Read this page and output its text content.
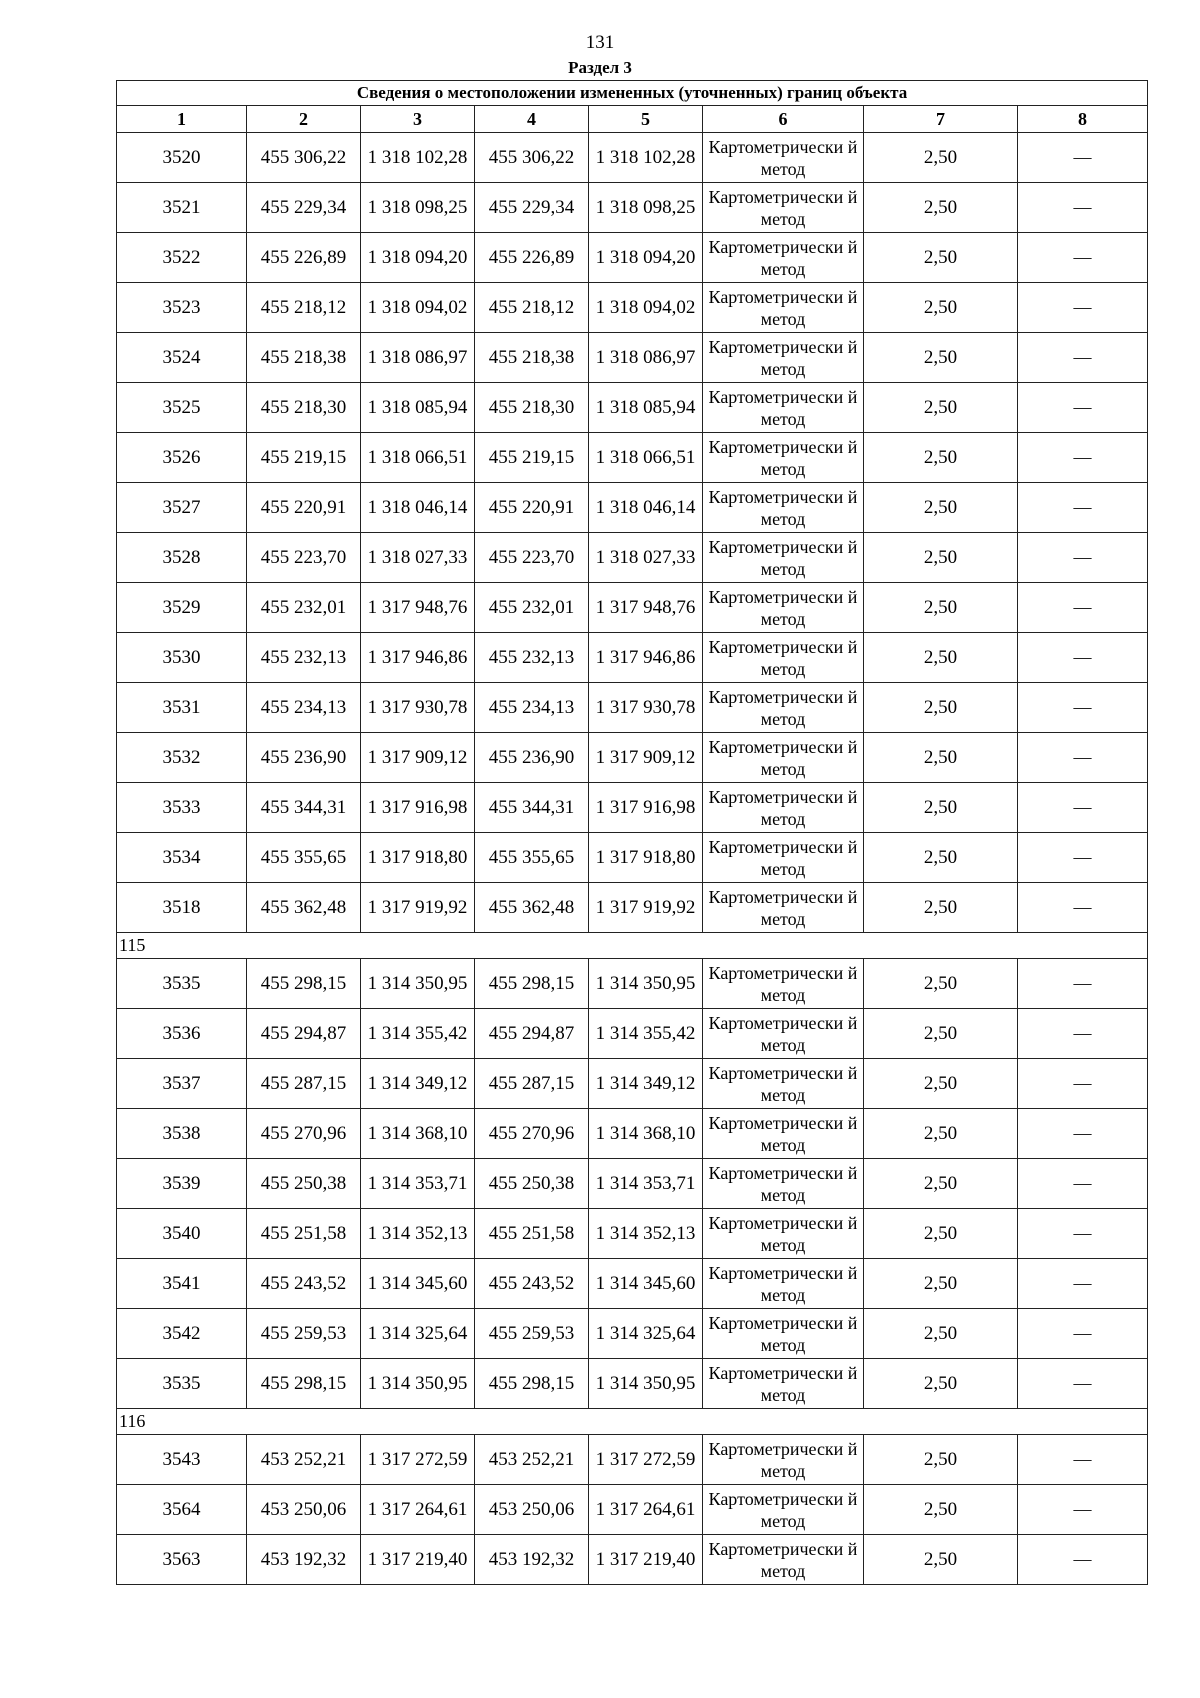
131
Раздел 3
Сведения о местоположении измененных (уточненных) границ объекта							
1	2	3	4	5	6	7	8
3520	455 306,22	1 318 102,28	455 306,22	1 318 102,28	Картометрически й метод	2,50	—
3521	455 229,34	1 318 098,25	455 229,34	1 318 098,25	Картометрически й метод	2,50	—
3522	455 226,89	1 318 094,20	455 226,89	1 318 094,20	Картометрически й метод	2,50	—
3523	455 218,12	1 318 094,02	455 218,12	1 318 094,02	Картометрически й метод	2,50	—
3524	455 218,38	1 318 086,97	455 218,38	1 318 086,97	Картометрически й метод	2,50	—
3525	455 218,30	1 318 085,94	455 218,30	1 318 085,94	Картометрически й метод	2,50	—
3526	455 219,15	1 318 066,51	455 219,15	1 318 066,51	Картометрически й метод	2,50	—
3527	455 220,91	1 318 046,14	455 220,91	1 318 046,14	Картометрически й метод	2,50	—
3528	455 223,70	1 318 027,33	455 223,70	1 318 027,33	Картометрически й метод	2,50	—
3529	455 232,01	1 317 948,76	455 232,01	1 317 948,76	Картометрически й метод	2,50	—
3530	455 232,13	1 317 946,86	455 232,13	1 317 946,86	Картометрически й метод	2,50	—
3531	455 234,13	1 317 930,78	455 234,13	1 317 930,78	Картометрически й метод	2,50	—
3532	455 236,90	1 317 909,12	455 236,90	1 317 909,12	Картометрически й метод	2,50	—
3533	455 344,31	1 317 916,98	455 344,31	1 317 916,98	Картометрически й метод	2,50	—
3534	455 355,65	1 317 918,80	455 355,65	1 317 918,80	Картометрически й метод	2,50	—
3518	455 362,48	1 317 919,92	455 362,48	1 317 919,92	Картометрически й метод	2,50	—
115							
3535	455 298,15	1 314 350,95	455 298,15	1 314 350,95	Картометрически й метод	2,50	—
3536	455 294,87	1 314 355,42	455 294,87	1 314 355,42	Картометрически й метод	2,50	—
3537	455 287,15	1 314 349,12	455 287,15	1 314 349,12	Картометрически й метод	2,50	—
3538	455 270,96	1 314 368,10	455 270,96	1 314 368,10	Картометрически й метод	2,50	—
3539	455 250,38	1 314 353,71	455 250,38	1 314 353,71	Картометрически й метод	2,50	—
3540	455 251,58	1 314 352,13	455 251,58	1 314 352,13	Картометрически й метод	2,50	—
3541	455 243,52	1 314 345,60	455 243,52	1 314 345,60	Картометрически й метод	2,50	—
3542	455 259,53	1 314 325,64	455 259,53	1 314 325,64	Картометрически й метод	2,50	—
3535	455 298,15	1 314 350,95	455 298,15	1 314 350,95	Картометрически й метод	2,50	—
116							
3543	453 252,21	1 317 272,59	453 252,21	1 317 272,59	Картометрически й метод	2,50	—
3564	453 250,06	1 317 264,61	453 250,06	1 317 264,61	Картометрически й метод	2,50	—
3563	453 192,32	1 317 219,40	453 192,32	1 317 219,40	Картометрически й метод	2,50	—
